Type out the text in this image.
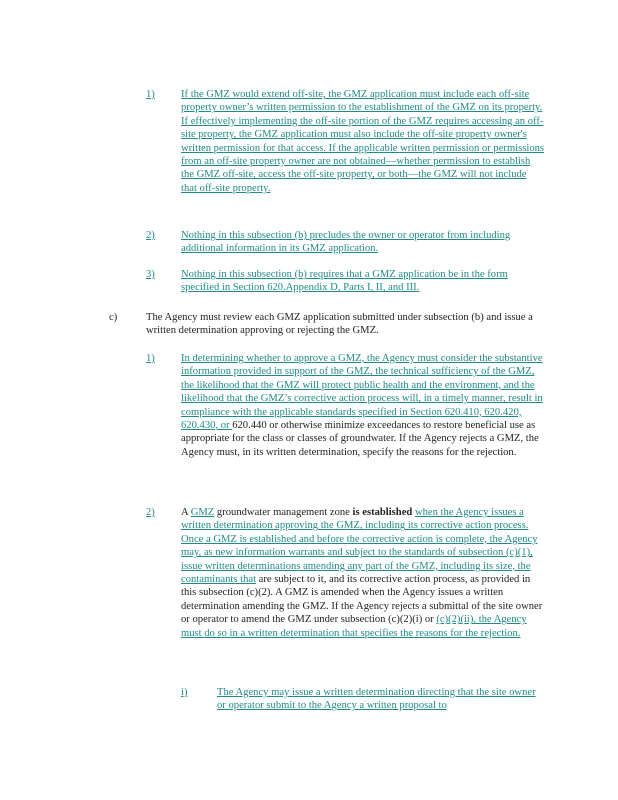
1) If the GMZ would extend off-site, the GMZ application must include each off-site property owner’s written permission to the establishment of the GMZ on its property. If effectively implementing the off-site portion of the GMZ requires accessing an off-site property, the GMZ application must also include the off-site property owner's written permission for that access. If the applicable written permission or permissions from an off-site property owner are not obtained—whether permission to establish the GMZ off-site, access the off-site property, or both—the GMZ will not include that off-site property.
2) Nothing in this subsection (b) precludes the owner or operator from including additional information in its GMZ application.
3) Nothing in this subsection (b) requires that a GMZ application be in the form specified in Section 620.Appendix D, Parts I, II, and III.
c)	The Agency must review each GMZ application submitted under subsection (b) and issue a written determination approving or rejecting the GMZ.
1) In determining whether to approve a GMZ, the Agency must consider the substantive information provided in support of the GMZ, the technical sufficiency of the GMZ, the likelihood that the GMZ will protect public health and the environment, and the likelihood that the GMZ’s corrective action process will, in a timely manner, result in compliance with the applicable standards specified in Section 620.410, 620.420, 620.430, or 620.440 or otherwise minimize exceedances to restore beneficial use as appropriate for the class or classes of groundwater. If the Agency rejects a GMZ, the Agency must, in its written determination, specify the reasons for the rejection.
2) A GMZ groundwater management zone is established when the Agency issues a written determination approving the GMZ, including its corrective action process. Once a GMZ is established and before the corrective action is complete, the Agency may, as new information warrants and subject to the standards of subsection (c)(1), issue written determinations amending any part of the GMZ, including its size, the contaminants that are subject to it, and its corrective action process, as provided in this subsection (c)(2). A GMZ is amended when the Agency issues a written determination amending the GMZ. If the Agency rejects a submittal of the site owner or operator to amend the GMZ under subsection (c)(2)(i) or (c)(2)(ii), the Agency must do so in a written determination that specifies the reasons for the rejection.
i)	The Agency may issue a written determination directing that the site owner or operator submit to the Agency a written proposal to
